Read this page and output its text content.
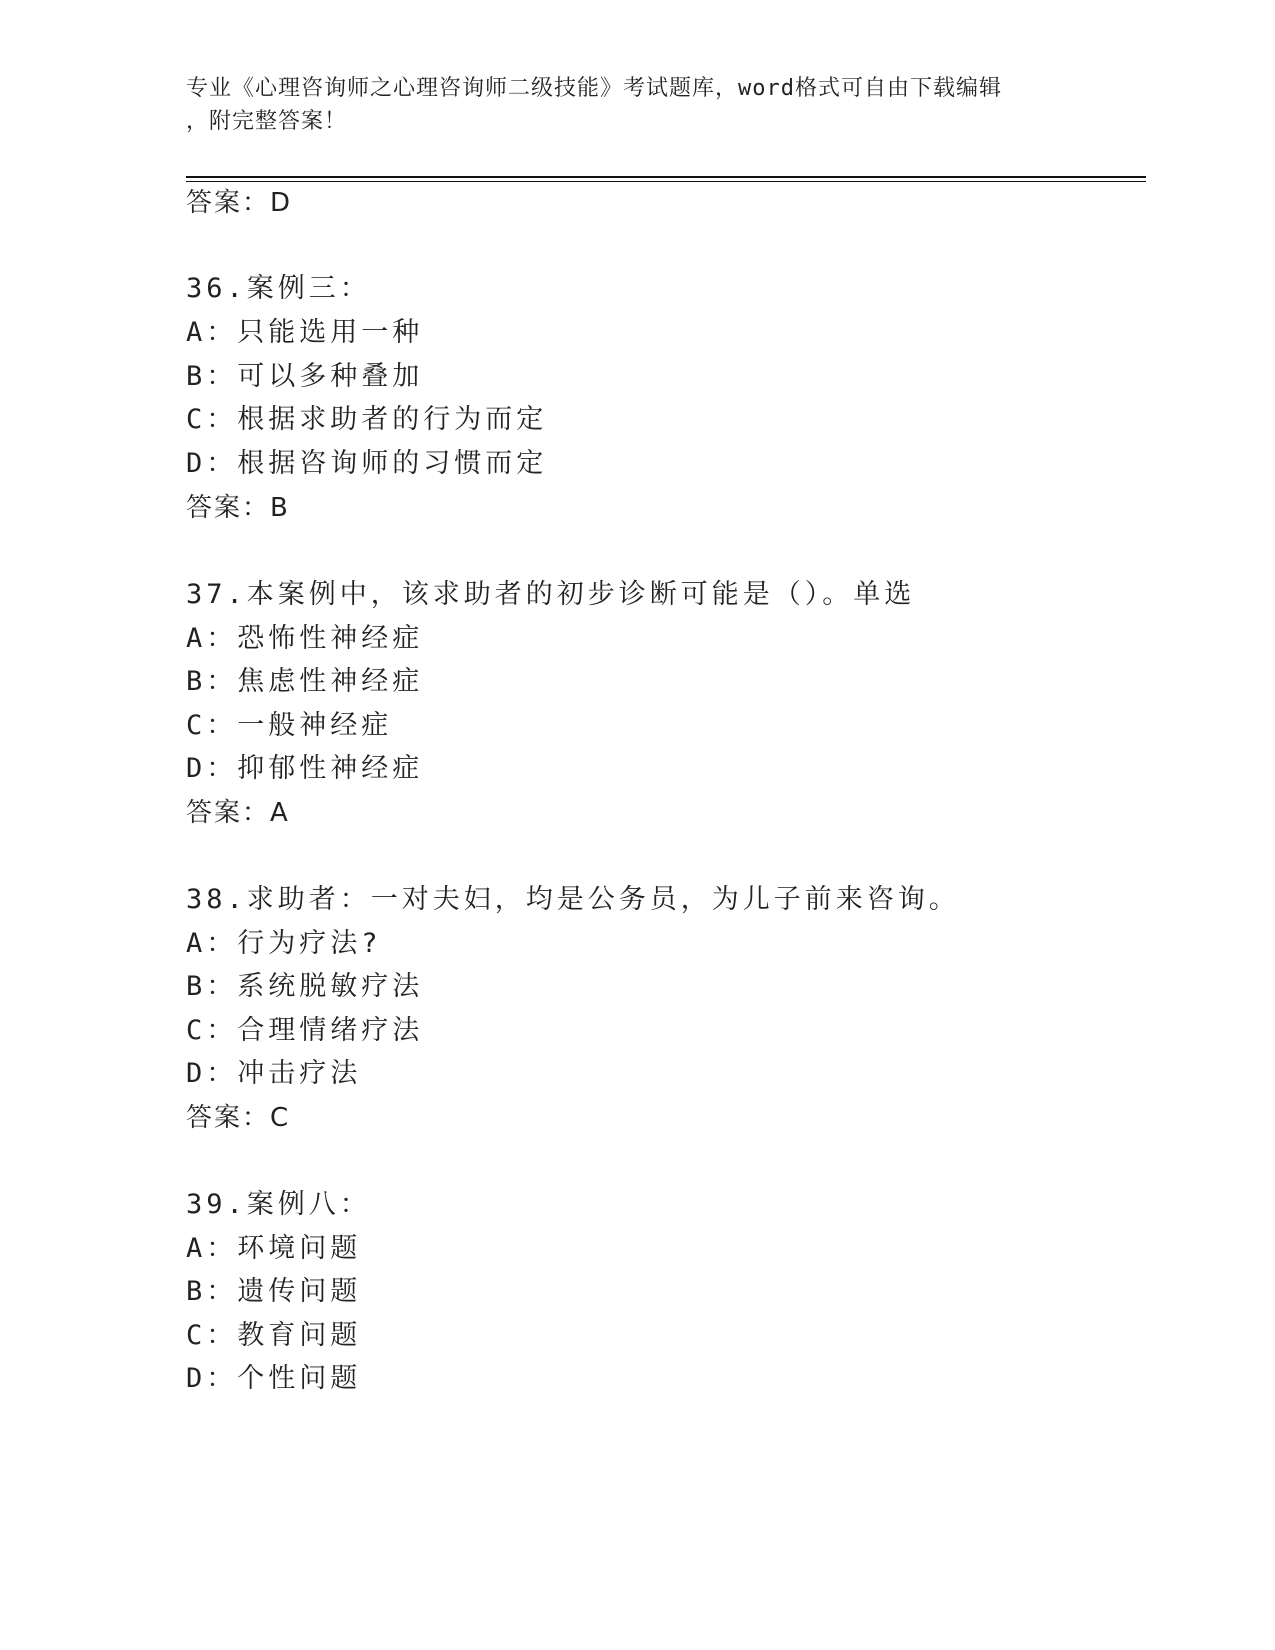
专业《心理咨询师之心理咨询师二级技能》考试题库，word格式可自由下载编辑
，附完整答案！
答案：D
36.案例三：
A：只能选用一种
B：可以多种叠加
C：根据求助者的行为而定
D：根据咨询师的习惯而定
答案：B
37.本案例中，该求助者的初步诊断可能是（）。单选
A：恐怖性神经症
B：焦虑性神经症
C：一般神经症
D：抑郁性神经症
答案：A
38.求助者：一对夫妇，均是公务员，为儿子前来咨询。
A：行为疗法?
B：系统脱敏疗法
C：合理情绪疗法
D：冲击疗法
答案：C
39.案例八：
A：环境问题
B：遗传问题
C：教育问题
D：个性问题
